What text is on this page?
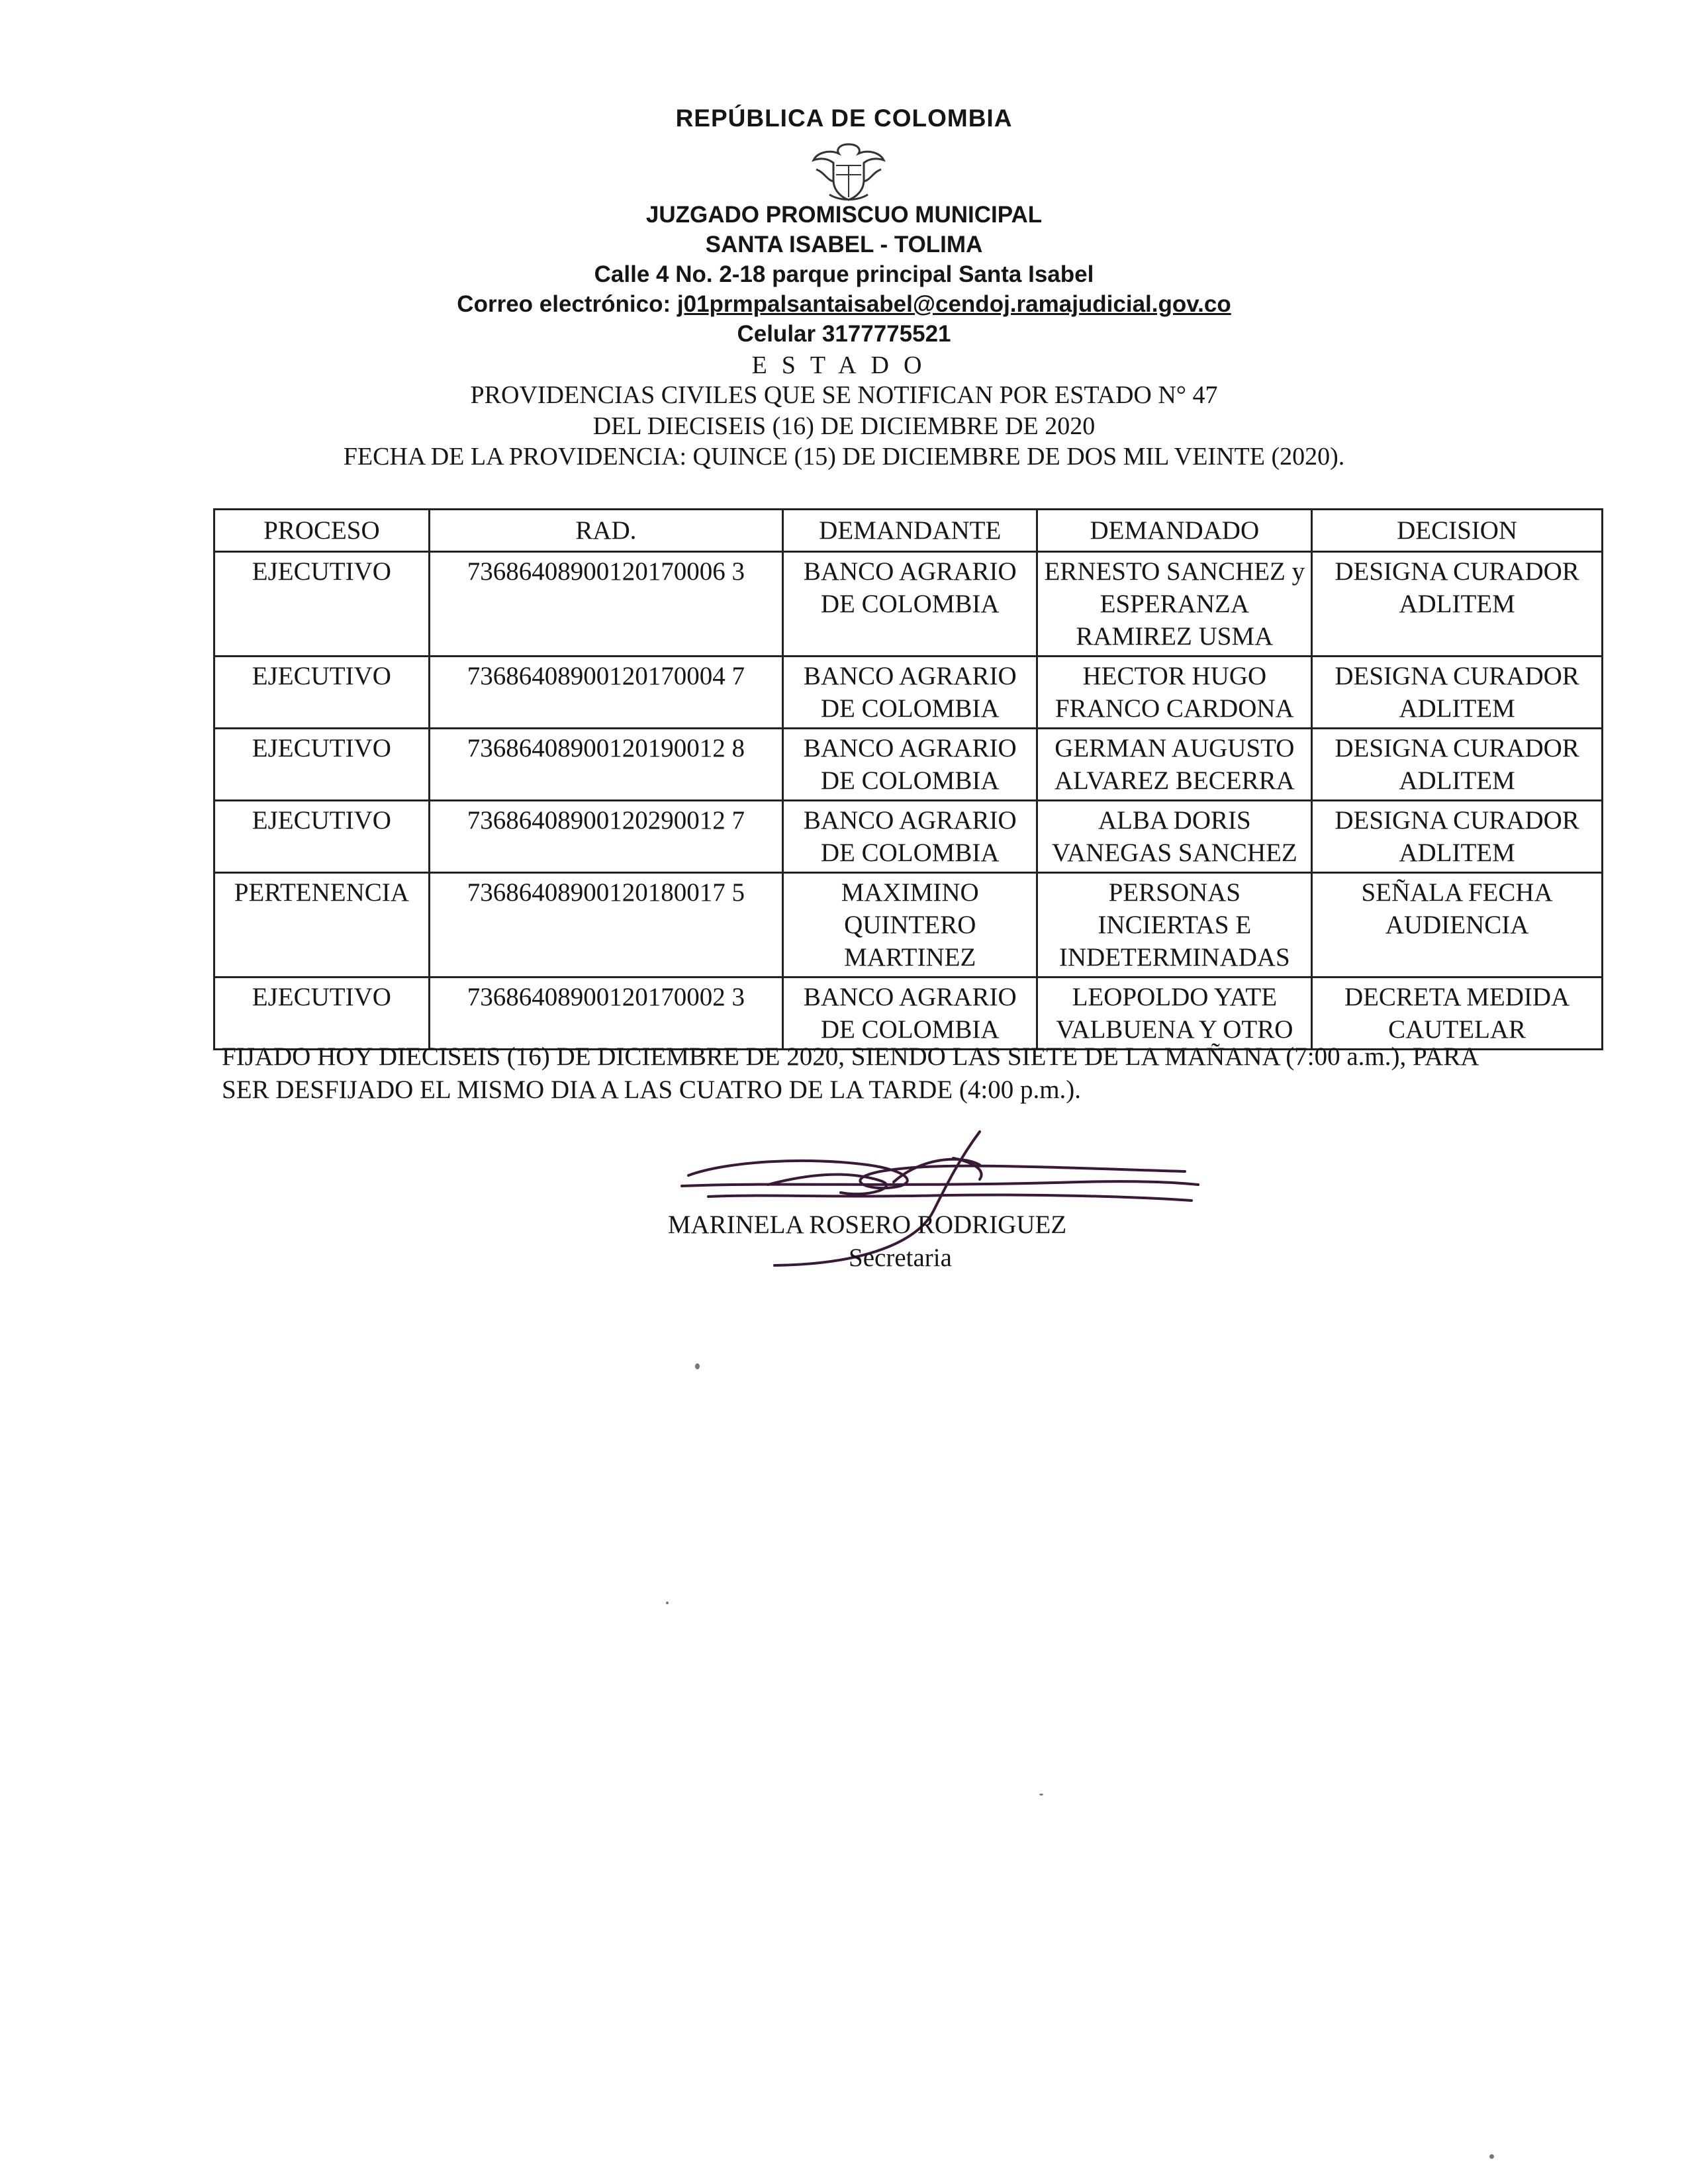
REPÚBLICA DE COLOMBIA
JUZGADO PROMISCUO MUNICIPAL
SANTA ISABEL - TOLIMA
Calle 4 No. 2-18 parque principal Santa Isabel
Correo electrónico: j01prmpalsantaisabel@cendoj.ramajudicial.gov.co
Celular 3177775521
ESTADO
PROVIDENCIAS CIVILES QUE SE NOTIFICAN POR ESTADO N° 47
DEL DIECISEIS (16) DE DICIEMBRE DE 2020
FECHA DE LA PROVIDENCIA: QUINCE (15) DE DICIEMBRE DE DOS MIL VEINTE (2020).
PROCESO	RAD.	DEMANDANTE	DEMANDADO	DECISION
EJECUTIVO	73686408900120170006 3	BANCO AGRARIO DE COLOMBIA	ERNESTO SANCHEZ y ESPERANZA RAMIREZ USMA	DESIGNA CURADOR ADLITEM
EJECUTIVO	73686408900120170004 7	BANCO AGRARIO DE COLOMBIA	HECTOR HUGO FRANCO CARDONA	DESIGNA CURADOR ADLITEM
EJECUTIVO	73686408900120190012 8	BANCO AGRARIO DE COLOMBIA	GERMAN AUGUSTO ALVAREZ BECERRA	DESIGNA CURADOR ADLITEM
EJECUTIVO	73686408900120290012 7	BANCO AGRARIO DE COLOMBIA	ALBA DORIS VANEGAS SANCHEZ	DESIGNA CURADOR ADLITEM
PERTENENCIA	73686408900120180017 5	MAXIMINO QUINTERO MARTINEZ	PERSONAS INCIERTAS E INDETERMINADAS	SEÑALA FECHA AUDIENCIA
EJECUTIVO	73686408900120170002 3	BANCO AGRARIO DE COLOMBIA	LEOPOLDO YATE VALBUENA Y OTRO	DECRETA MEDIDA CAUTELAR
FIJADO HOY DIECISEIS (16) DE DICIEMBRE DE 2020, SIENDO LAS SIETE DE LA MAÑANA (7:00 a.m.), PARA
SER DESFIJADO EL MISMO DIA A LAS CUATRO DE LA TARDE (4:00 p.m.).
MARINELA ROSERO RODRIGUEZ
Secretaria
